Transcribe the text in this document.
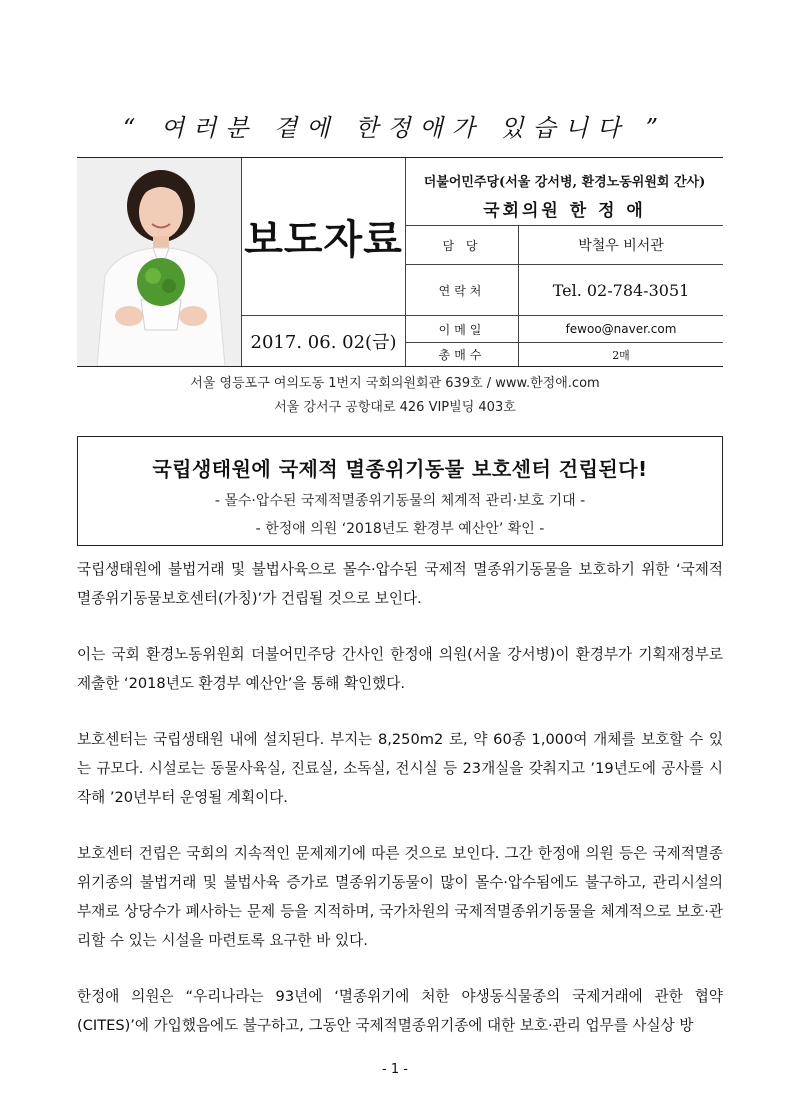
“ 여러분 곁에 한정애가 있습니다 ”
보도자료
2017. 06. 02(금)
더불어민주당(서울 강서병, 환경노동위원회 간사)
국회의원 한 정 애
담 당	박철우 비서관
연락처	Tel. 02-784-3051
이메일	fewoo@naver.com
총매수	2매
서울 영등포구 여의도동 1번지 국회의원회관 639호 / www.한정애.com
서울 강서구 공항대로 426 VIP빌딩 403호
국립생태원에 국제적 멸종위기동물 보호센터 건립된다!
- 몰수·압수된 국제적멸종위기동물의 체계적 관리·보호 기대 -
- 한정애 의원 ‘2018년도 환경부 예산안’ 확인 -

국립생태원에 불법거래 및 불법사육으로 몰수·압수된 국제적 멸종위기동물을 보호하기 위한 ‘국제적 멸종위기동물보호센터(가칭)’가 건립될 것으로 보인다.

이는 국회 환경노동위원회 더불어민주당 간사인 한정애 의원(서울 강서병)이 환경부가 기획재정부로 제출한 ‘2018년도 환경부 예산안’을 통해 확인했다.

보호센터는 국립생태원 내에 설치된다. 부지는 8,250m2 로, 약 60종 1,000여 개체를 보호할 수 있는 규모다. 시설로는 동물사육실, 진료실, 소독실, 전시실 등 23개실을 갖춰지고 ’19년도에 공사를 시작해 ’20년부터 운영될 계획이다.

보호센터 건립은 국회의 지속적인 문제제기에 따른 것으로 보인다. 그간 한정애 의원 등은 국제적멸종위기종의 불법거래 및 불법사육 증가로 멸종위기동물이 많이 몰수·압수됨에도 불구하고, 관리시설의 부재로 상당수가 폐사하는 문제 등을 지적하며, 국가차원의 국제적멸종위기동물을 체계적으로 보호·관리할 수 있는 시설을 마련토록 요구한 바 있다.

한정애 의원은 “우리나라는 93년에 ‘멸종위기에 처한 야생동식물종의 국제거래에 관한 협약(CITES)’에 가입했음에도 불구하고, 그동안 국제적멸종위기종에 대한 보호·관리 업무를 사실상 방

- 1 -
